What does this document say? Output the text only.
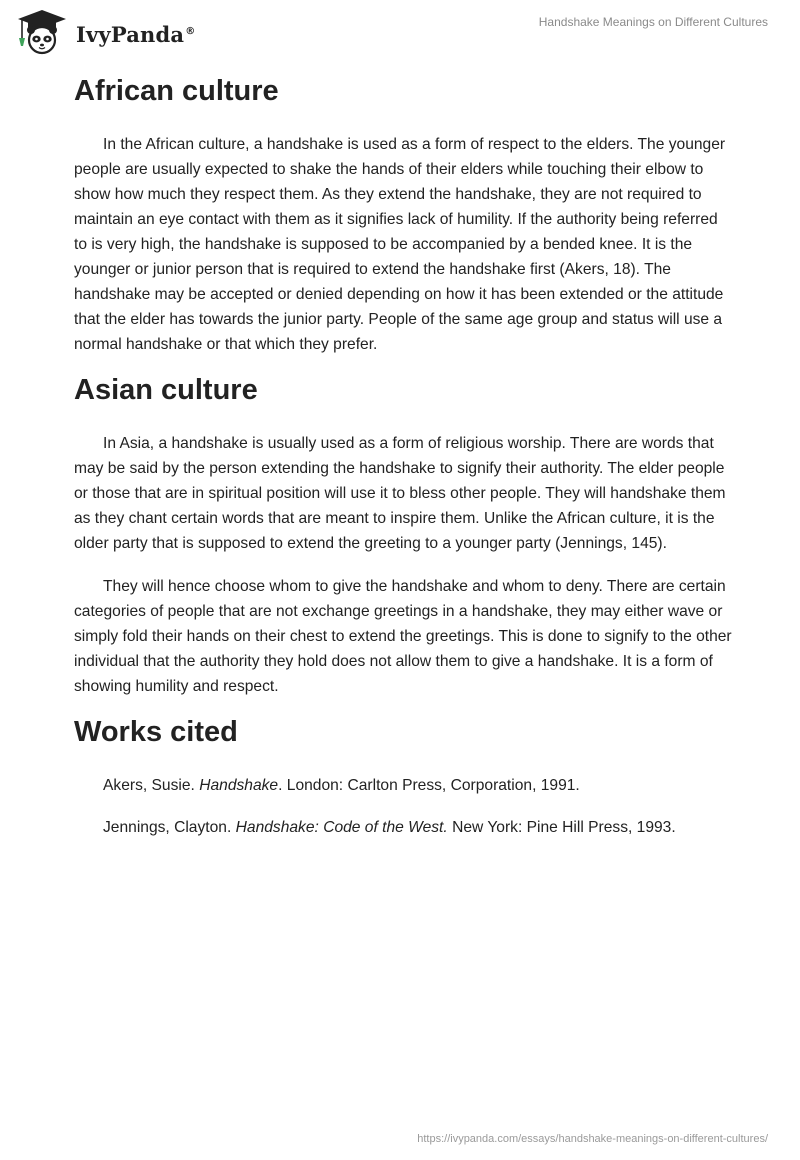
IvyPanda®
Handshake Meanings on Different Cultures
African culture

In the African culture, a handshake is used as a form of respect to the elders. The younger people are usually expected to shake the hands of their elders while touching their elbow to show how much they respect them. As they extend the handshake, they are not required to maintain an eye contact with them as it signifies lack of humility. If the authority being referred to is very high, the handshake is supposed to be accompanied by a bended knee. It is the younger or junior person that is required to extend the handshake first (Akers, 18). The handshake may be accepted or denied depending on how it has been extended or the attitude that the elder has towards the junior party. People of the same age group and status will use a normal handshake or that which they prefer.

Asian culture

In Asia, a handshake is usually used as a form of religious worship. There are words that may be said by the person extending the handshake to signify their authority. The elder people or those that are in spiritual position will use it to bless other people. They will handshake them as they chant certain words that are meant to inspire them. Unlike the African culture, it is the older party that is supposed to extend the greeting to a younger party (Jennings, 145).

They will hence choose whom to give the handshake and whom to deny. There are certain categories of people that are not exchange greetings in a handshake, they may either wave or simply fold their hands on their chest to extend the greetings. This is done to signify to the other individual that the authority they hold does not allow them to give a handshake. It is a form of showing humility and respect.

Works cited

Akers, Susie. Handshake. London: Carlton Press, Corporation, 1991.

Jennings, Clayton. Handshake: Code of the West. New York: Pine Hill Press, 1993.

https://ivypanda.com/essays/handshake-meanings-on-different-cultures/
